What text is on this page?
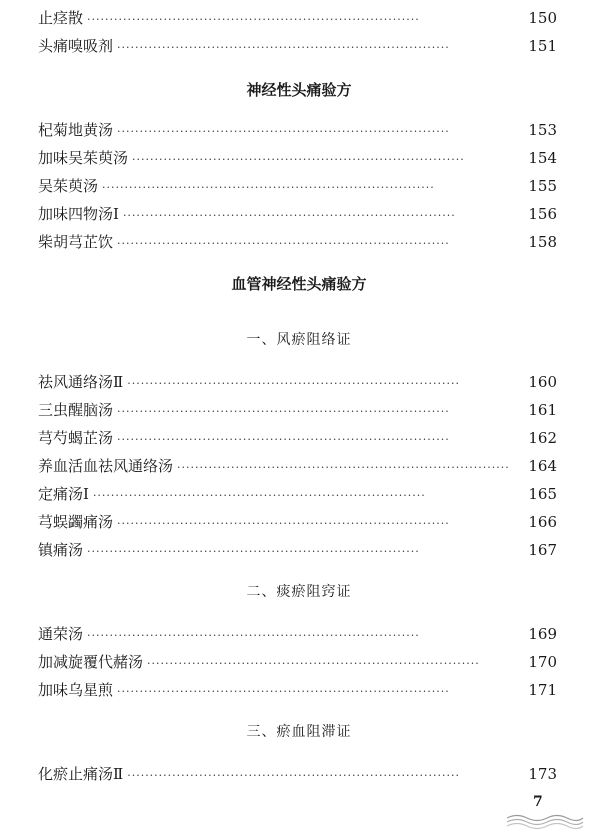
止痉散 ··········································································	150
头痛嗅吸剂 ··········································································	151
神经性头痛验方
杞菊地黄汤 ··········································································	153
加味吴茱萸汤 ··········································································	154
吴茱萸汤 ··········································································	155
加味四物汤Ⅰ ··········································································	156
柴胡芎芷饮 ··········································································	158
血管神经性头痛验方
一、风瘀阻络证
祛风通络汤Ⅱ ··········································································	160
三虫醒脑汤 ··········································································	161
芎芍蝎芷汤 ··········································································	162
养血活血祛风通络汤 ··········································································	164
定痛汤Ⅰ ··········································································	165
芎蜈蠲痛汤 ··········································································	166
镇痛汤 ··········································································	167
二、痰瘀阻窍证
通荣汤 ··········································································	169
加减旋覆代赭汤 ··········································································	170
加味乌星煎 ··········································································	171
三、瘀血阻滞证
化瘀止痛汤Ⅱ ··········································································	173
7
